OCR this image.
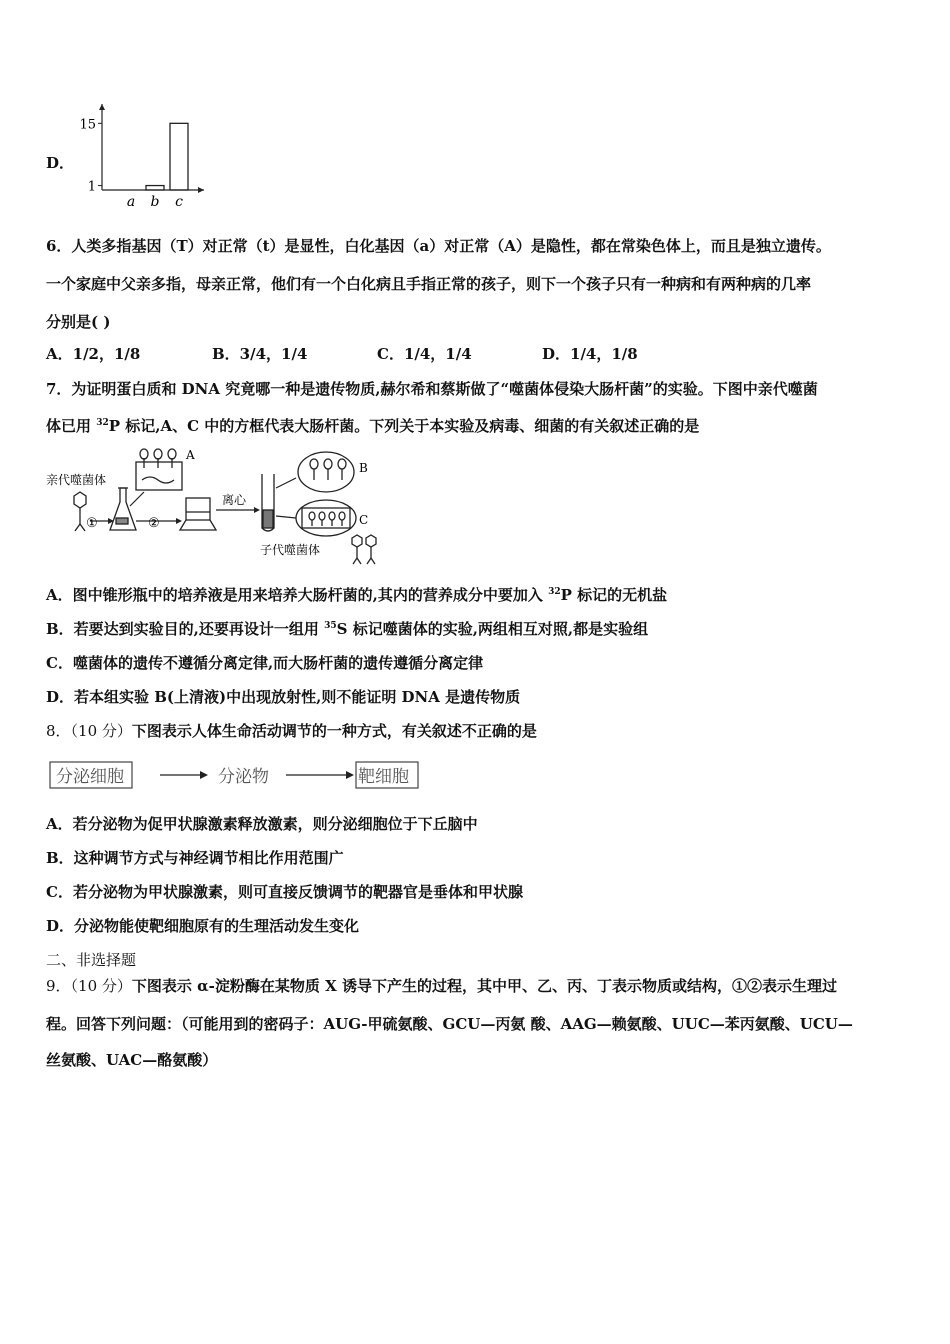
D．
1
15
a b c
6．人类多指基因（T）对正常（t）是显性，白化基因（a）对正常（A）是隐性，都在常染色体上，而且是独立遗传。
一个家庭中父亲多指，母亲正常，他们有一个白化病且手指正常的孩子，则下一个孩子只有一种病和有两种病的几率
分别是( )
A．1/2，1/8	B．3/4，1/4	C．1/4，1/4	D．1/4，1/8
7．为证明蛋白质和 DNA 究竟哪一种是遗传物质,赫尔希和蔡斯做了“噬菌体侵染大肠杆菌”的实验。下图中亲代噬菌
体已用 $^{32}$P 标记,A、C 中的方框代表大肠杆菌。下列关于本实验及病毒、细菌的有关叙述正确的是
亲代噬菌体
①
A
②
离心
B
C
子代噬菌体
A．图中锥形瓶中的培养液是用来培养大肠杆菌的,其内的营养成分中要加入 $^{32}$P 标记的无机盐
B．若要达到实验目的,还要再设计一组用 $^{35}$S 标记噬菌体的实验,两组相互对照,都是实验组
C．噬菌体的遗传不遵循分离定律,而大肠杆菌的遗传遵循分离定律
D．若本组实验 B(上清液)中出现放射性,则不能证明 DNA 是遗传物质
8．（10 分）下图表示人体生命活动调节的一种方式，有关叙述不正确的是
分泌细胞	分泌物	靶细胞
A．若分泌物为促甲状腺激素释放激素，则分泌细胞位于下丘脑中
B．这种调节方式与神经调节相比作用范围广
C．若分泌物为甲状腺激素，则可直接反馈调节的靶器官是垂体和甲状腺
D．分泌物能使靶细胞原有的生理活动发生变化
二、非选择题
9．（10 分）下图表示 α-淀粉酶在某物质 X 诱导下产生的过程，其中甲、乙、丙、丁表示物质或结构，①②表示生理过
程。回答下列问题：（可能用到的密码子：AUG-甲硫氨酸、GCU—丙氨 酸、AAG—赖氨酸、UUC—苯丙氨酸、UCU—
丝氨酸、UAC—酪氨酸）
